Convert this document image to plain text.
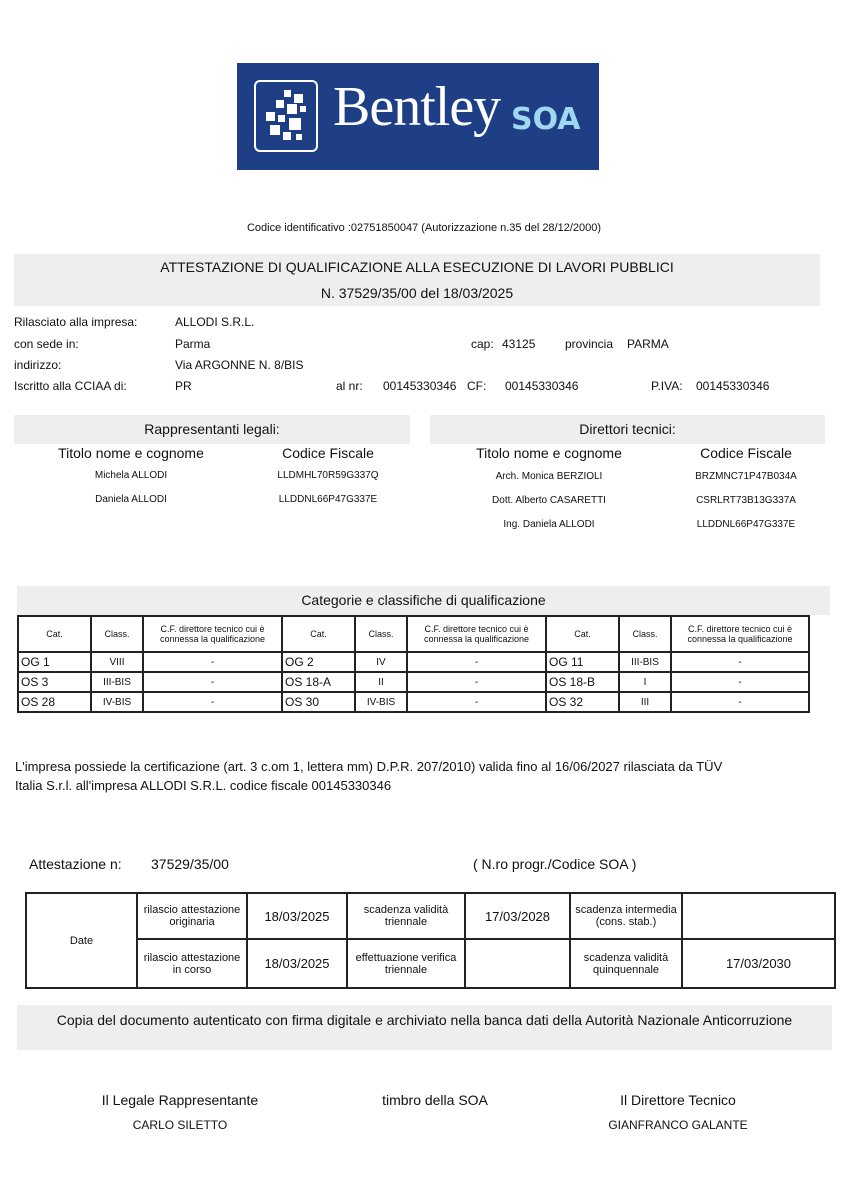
Bentley SOA
Codice identificativo :02751850047 (Autorizzazione n.35 del 28/12/2000)
ATTESTAZIONE DI QUALIFICAZIONE ALLA ESECUZIONE DI LAVORI PUBBLICI
N. 37529/35/00 del 18/03/2025
Rilasciato alla impresa:	ALLODI S.R.L.
con sede in:	Parma	cap: 43125 provincia PARMA
indirizzo:	Via ARGONNE N. 8/BIS
Iscritto alla CCIAA di:	PR	al nr: 00145330346 CF: 00145330346	P.IVA: 00145330346
Rappresentanti legali:
Titolo nome e cognome	Codice Fiscale
Michela ALLODI	LLDMHL70R59G337Q
Daniela ALLODI	LLDDNL66P47G337E
Direttori tecnici:
Titolo nome e cognome	Codice Fiscale
Arch. Monica BERZIOLI	BRZMNC71P47B034A
Dott. Alberto CASARETTI	CSRLRT73B13G337A
Ing. Daniela ALLODI	LLDDNL66P47G337E
Categorie e classifiche di qualificazione
Cat.	Class.	C.F. direttore tecnico cui è connessa la qualificazione	Cat.	Class.	C.F. direttore tecnico cui è connessa la qualificazione	Cat.	Class.	C.F. direttore tecnico cui è connessa la qualificazione
OG 1	VIII	-	OG 2	IV	-	OG 11	III-BIS	-
OS 3	III-BIS	-	OS 18-A	II	-	OS 18-B	I	-
OS 28	IV-BIS	-	OS 30	IV-BIS	-	OS 32	III	-
L'impresa possiede la certificazione (art. 3 c.om 1, lettera mm) D.P.R. 207/2010) valida fino al 16/06/2027 rilasciata da TÜV
Italia S.r.l. all'impresa ALLODI S.R.L. codice fiscale 00145330346
Attestazione n: 37529/35/00	( N.ro progr./Codice SOA )
Date	rilascio attestazione originaria	18/03/2025	scadenza validità triennale	17/03/2028	scadenza intermedia (cons. stab.)	
	rilascio attestazione in corso	18/03/2025	effettuazione verifica triennale		scadenza validità quinquennale	17/03/2030
Copia del documento autenticato con firma digitale e archiviato nella banca dati della Autorità Nazionale Anticorruzione
Il Legale Rappresentante
CARLO SILETTO
timbro della SOA	Il Direttore Tecnico
GIANFRANCO GALANTE
